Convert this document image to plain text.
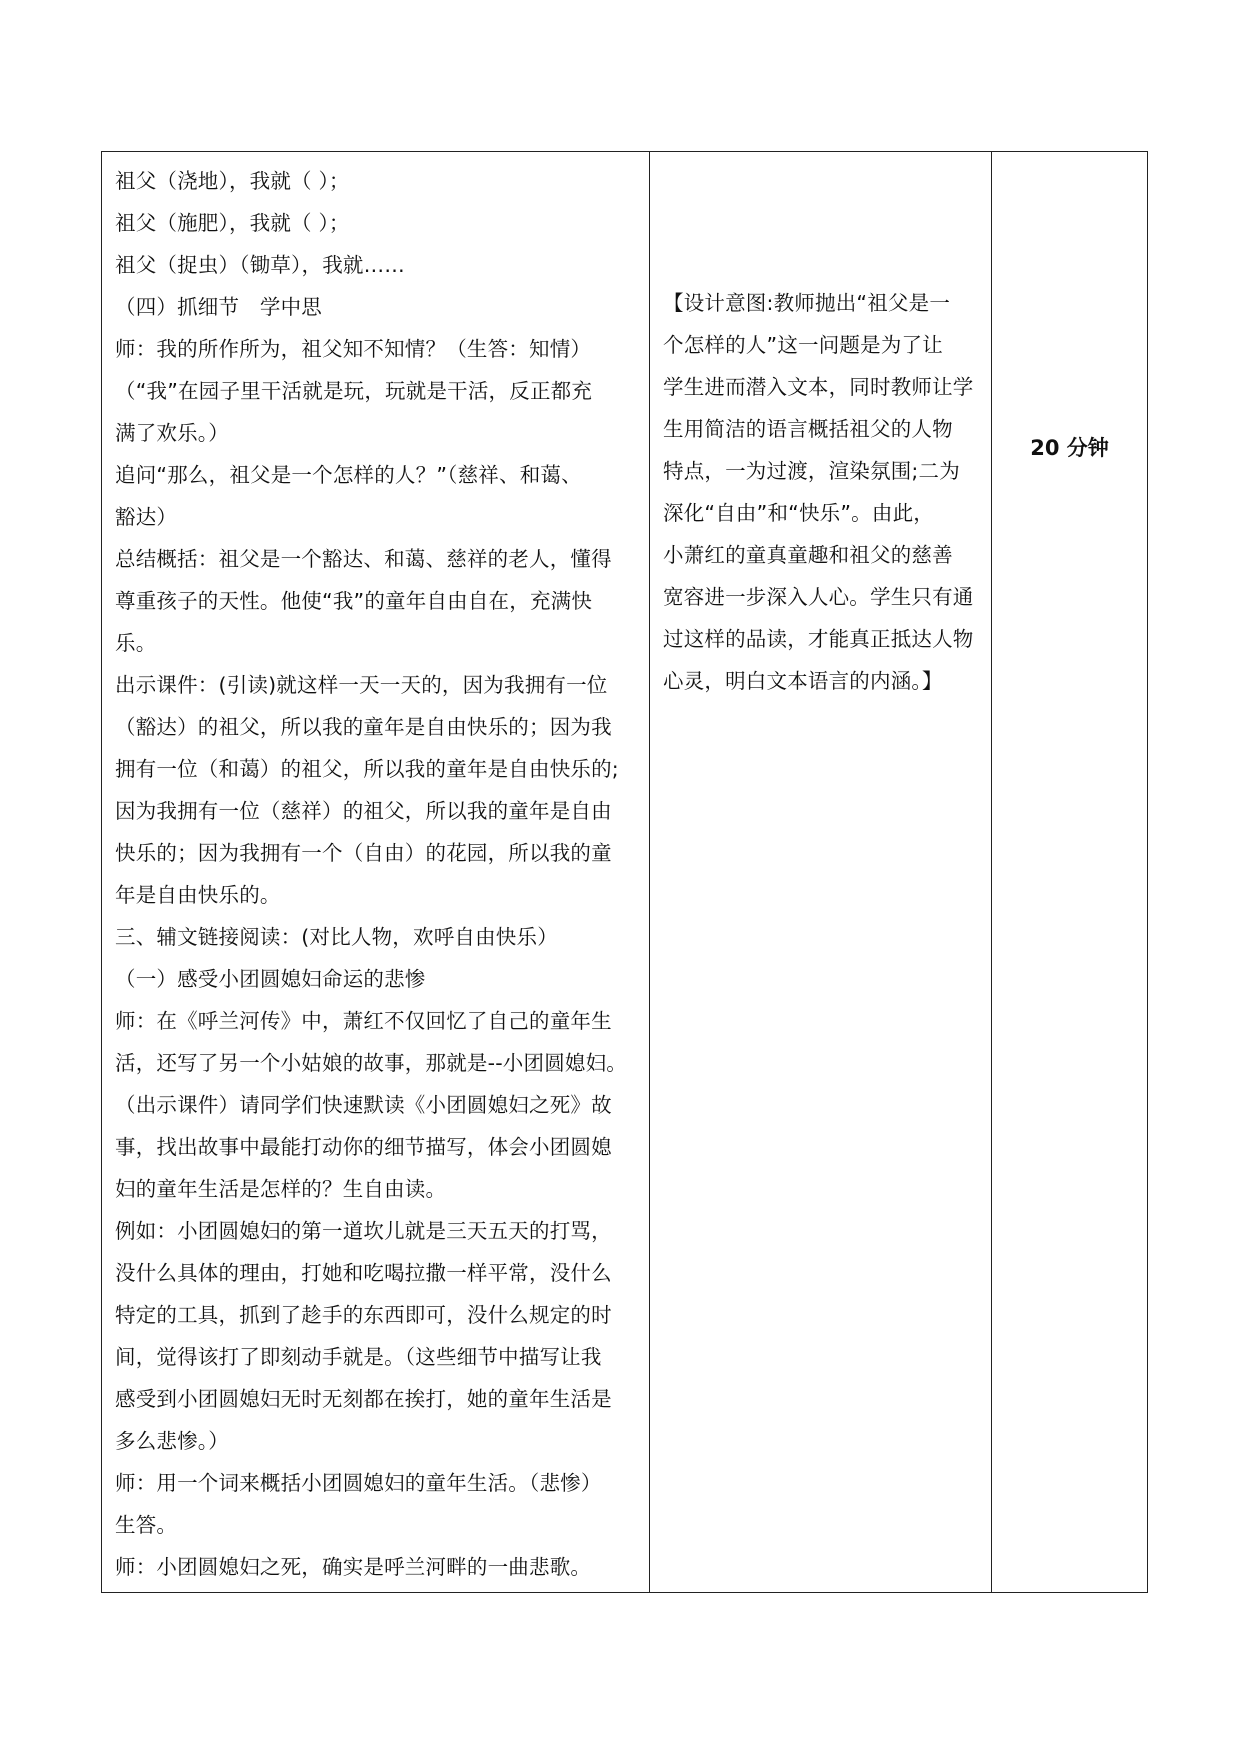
祖父（浇地），我就（ ）；
祖父（施肥），我就（ ）；
祖父（捉虫）（锄草），我就……
（四）抓细节　学中思
师：我的所作所为，祖父知不知情？（生答：知情）
（“我”在园子里干活就是玩，玩就是干活，反正都充
满了欢乐。）
追问“那么，祖父是一个怎样的人？”（慈祥、和蔼、
豁达）
总结概括：祖父是一个豁达、和蔼、慈祥的老人，懂得
尊重孩子的天性。他使“我”的童年自由自在，充满快
乐。
出示课件：(引读)就这样一天一天的，因为我拥有一位
（豁达）的祖父，所以我的童年是自由快乐的；因为我
拥有一位（和蔼）的祖父，所以我的童年是自由快乐的;
因为我拥有一位（慈祥）的祖父，所以我的童年是自由
快乐的；因为我拥有一个（自由）的花园，所以我的童
年是自由快乐的。
三、辅文链接阅读：(对比人物，欢呼自由快乐）
（一）感受小团圆媳妇命运的悲惨
师：在《呼兰河传》中，萧红不仅回忆了自己的童年生
活，还写了另一个小姑娘的故事，那就是--小团圆媳妇。
（出示课件）请同学们快速默读《小团圆媳妇之死》故
事，找出故事中最能打动你的细节描写，体会小团圆媳
妇的童年生活是怎样的？生自由读。
例如：小团圆媳妇的第一道坎儿就是三天五天的打骂，
没什么具体的理由，打她和吃喝拉撒一样平常，没什么
特定的工具，抓到了趁手的东西即可，没什么规定的时
间，觉得该打了即刻动手就是。（这些细节中描写让我
感受到小团圆媳妇无时无刻都在挨打，她的童年生活是
多么悲惨。）
师：用一个词来概括小团圆媳妇的童年生活。（悲惨）
生答。
师：小团圆媳妇之死，确实是呼兰河畔的一曲悲歌。

【设计意图:教师抛出“祖父是一
个怎样的人”这一问题是为了让
学生进而潜入文本，同时教师让学
生用简洁的语言概括祖父的人物
特点，一为过渡，渲染氛围;二为
深化“自由”和“快乐”。由此，
小萧红的童真童趣和祖父的慈善
宽容进一步深入人心。学生只有通
过这样的品读，才能真正抵达人物
心灵，明白文本语言的内涵。】
	20 分钟
